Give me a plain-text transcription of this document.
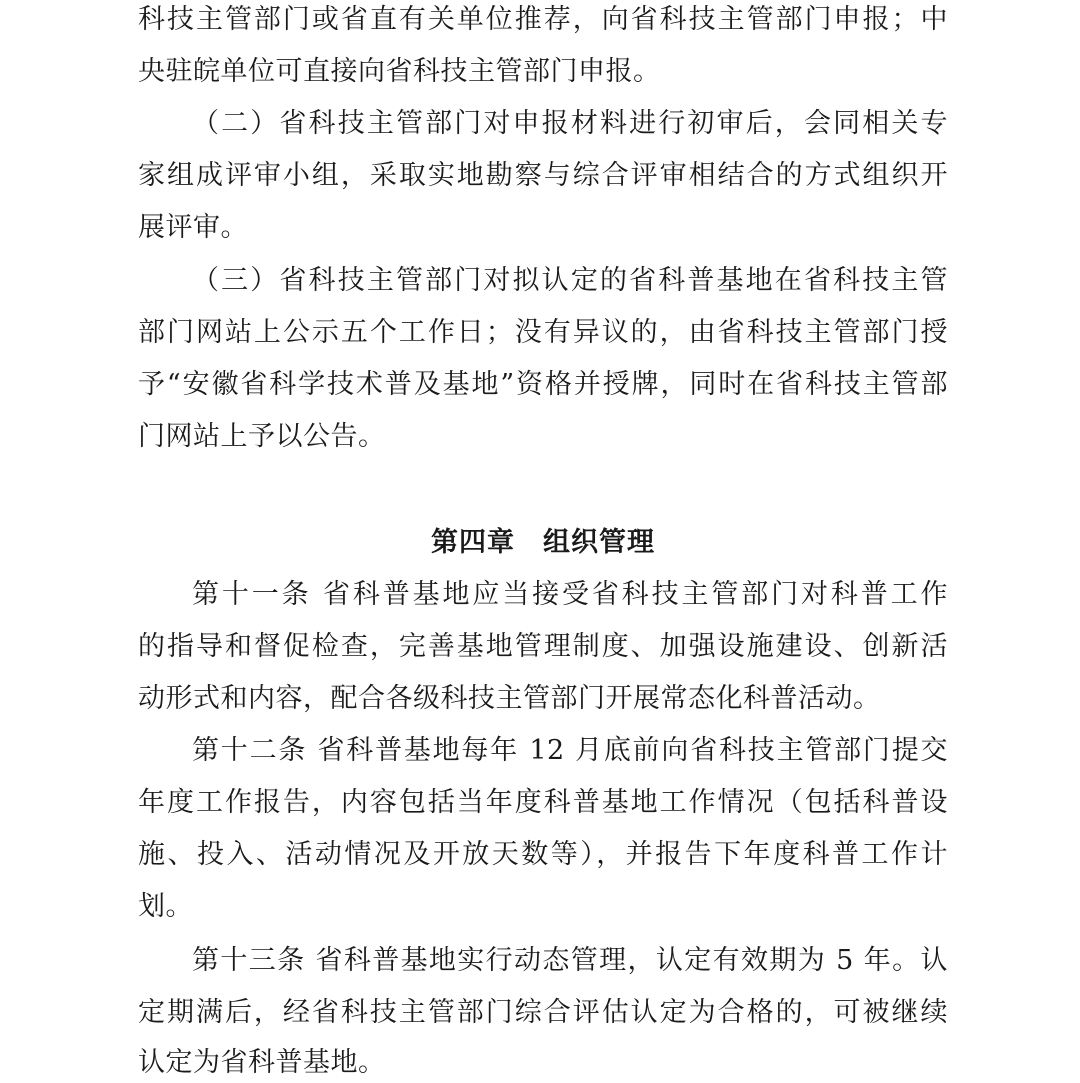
科技主管部门或省直有关单位推荐，向省科技主管部门申报；中
央驻皖单位可直接向省科技主管部门申报。
（二）省科技主管部门对申报材料进行初审后，会同相关专
家组成评审小组，采取实地勘察与综合评审相结合的方式组织开
展评审。
（三）省科技主管部门对拟认定的省科普基地在省科技主管
部门网站上公示五个工作日；没有异议的，由省科技主管部门授
予“安徽省科学技术普及基地”资格并授牌，同时在省科技主管部
门网站上予以公告。
第四章　组织管理
第十一条 省科普基地应当接受省科技主管部门对科普工作
的指导和督促检查，完善基地管理制度、加强设施建设、创新活
动形式和内容，配合各级科技主管部门开展常态化科普活动。
第十二条 省科普基地每年 12 月底前向省科技主管部门提交
年度工作报告，内容包括当年度科普基地工作情况（包括科普设
施、投入、活动情况及开放天数等），并报告下年度科普工作计
划。
第十三条 省科普基地实行动态管理，认定有效期为 5 年。认
定期满后，经省科技主管部门综合评估认定为合格的，可被继续
认定为省科普基地。
